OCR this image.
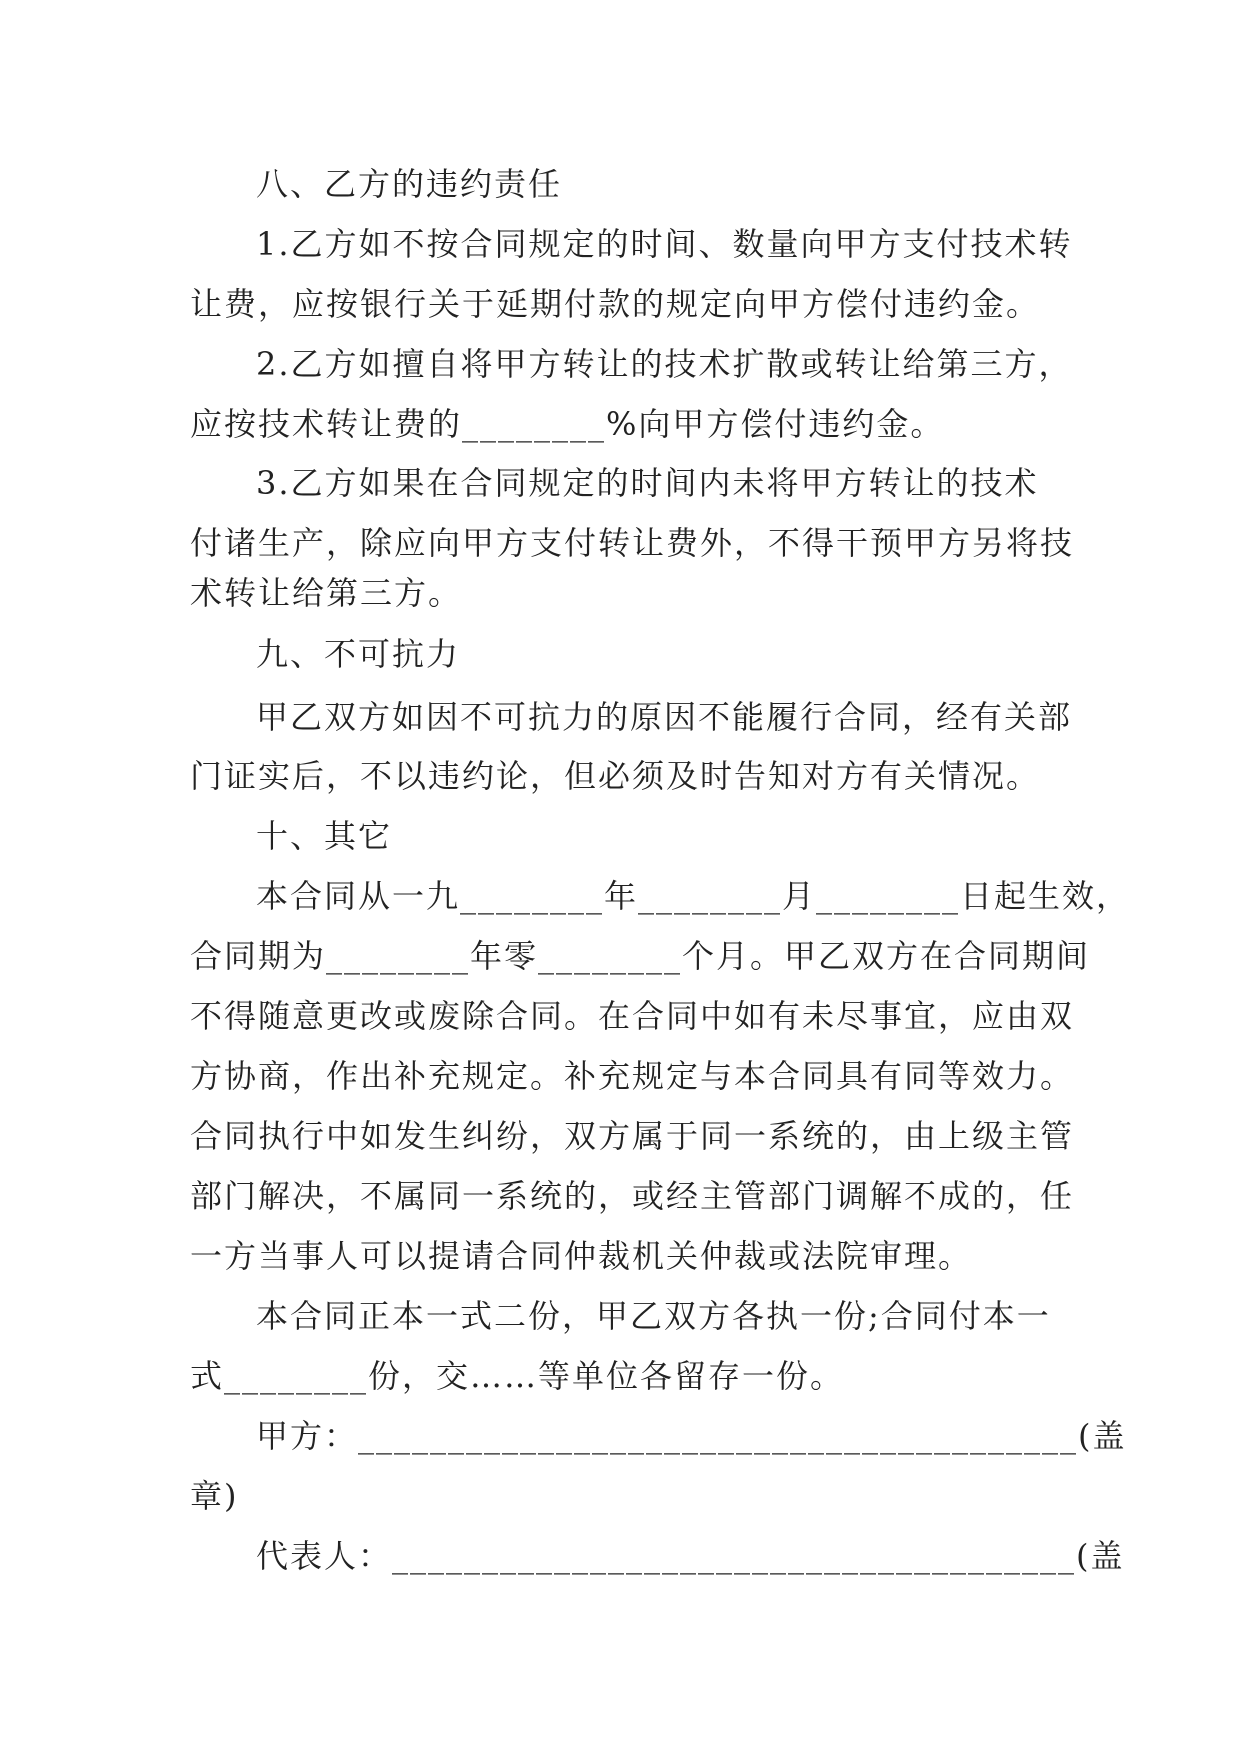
八、乙方的违约责任
1.乙方如不按合同规定的时间、数量向甲方支付技术转
让费，应按银行关于延期付款的规定向甲方偿付违约金。
2.乙方如擅自将甲方转让的技术扩散或转让给第三方，
应按技术转让费的________%向甲方偿付违约金。
3.乙方如果在合同规定的时间内未将甲方转让的技术
付诸生产，除应向甲方支付转让费外，不得干预甲方另将技
术转让给第三方。
九、不可抗力
甲乙双方如因不可抗力的原因不能履行合同，经有关部
门证实后，不以违约论，但必须及时告知对方有关情况。
十、其它
本合同从一九________年________月________日起生效，
合同期为________年零________个月。甲乙双方在合同期间
不得随意更改或废除合同。在合同中如有未尽事宜，应由双
方协商，作出补充规定。补充规定与本合同具有同等效力。
合同执行中如发生纠纷，双方属于同一系统的，由上级主管
部门解决，不属同一系统的，或经主管部门调解不成的，任
一方当事人可以提请合同仲裁机关仲裁或法院审理。
本合同正本一式二份，甲乙双方各执一份;合同付本一
式________份，交……等单位各留存一份。
甲方：________________________________________(盖
章)
代表人：______________________________________(盖
